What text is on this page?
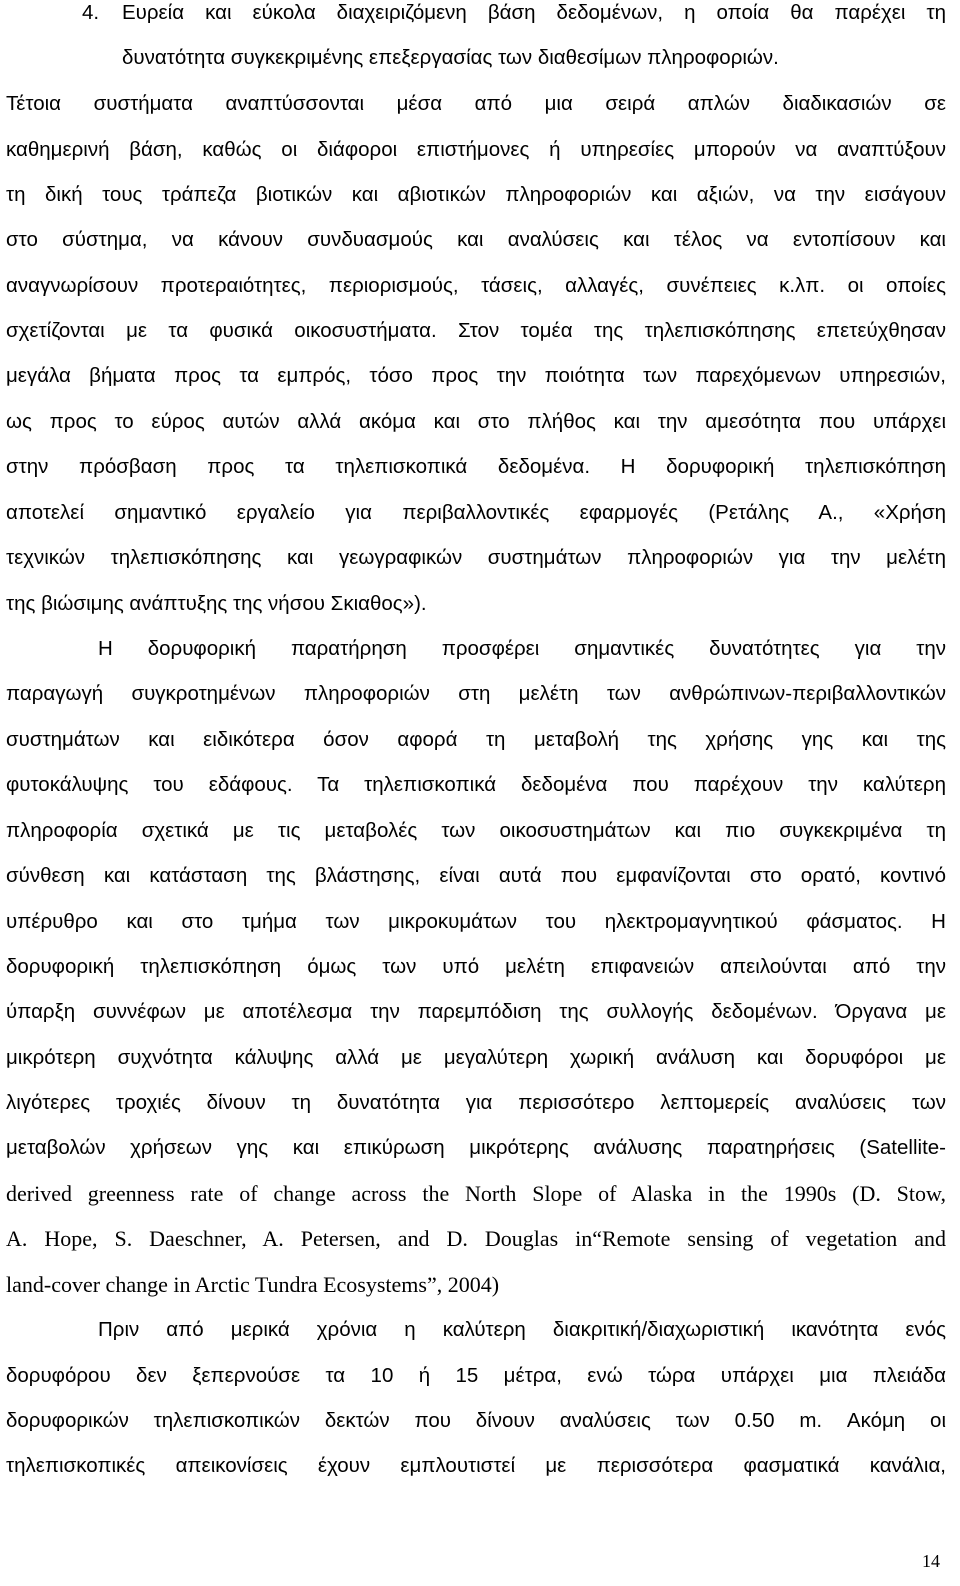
4. Ευρεία και εύκολα διαχειριζόμενη βάση δεδομένων, η οποία θα παρέχει τη
δυνατότητα συγκεκριμένης επεξεργασίας των διαθεσίμων πληροφοριών.
Τέτοια συστήματα αναπτύσσονται μέσα από μια σειρά απλών διαδικασιών σε
καθημερινή βάση, καθώς οι διάφοροι επιστήμονες ή υπηρεσίες μπορούν να αναπτύξουν
τη δική τους τράπεζα βιοτικών και αβιοτικών πληροφοριών και αξιών, να την εισάγουν
στο σύστημα, να κάνουν συνδυασμούς και αναλύσεις και τέλος να εντοπίσουν και
αναγνωρίσουν προτεραιότητες, περιορισμούς, τάσεις, αλλαγές, συνέπειες κ.λπ. οι οποίες
σχετίζονται με τα φυσικά οικοσυστήματα. Στον τομέα της τηλεπισκόπησης επετεύχθησαν
μεγάλα βήματα προς τα εμπρός, τόσο προς την ποιότητα των παρεχόμενων υπηρεσιών,
ως προς το εύρος αυτών αλλά ακόμα και στο πλήθος και την αμεσότητα που υπάρχει
στην πρόσβαση προς τα τηλεπισκοπικά δεδομένα. Η δορυφορική τηλεπισκόπηση
αποτελεί σημαντικό εργαλείο για περιβαλλοντικές εφαρμογές (Ρετάλης Α., «Χρήση
τεχνικών τηλεπισκόπησης και γεωγραφικών συστημάτων πληροφοριών για την μελέτη
της βιώσιμης ανάπτυξης της νήσου Σκιαθος»).
Η δορυφορική παρατήρηση προσφέρει σημαντικές δυνατότητες για την
παραγωγή συγκροτημένων πληροφοριών στη μελέτη των ανθρώπινων-περιβαλλοντικών
συστημάτων και ειδικότερα όσον αφορά τη μεταβολή της χρήσης γης και της
φυτοκάλυψης του εδάφους. Τα τηλεπισκοπικά δεδομένα που παρέχουν την καλύτερη
πληροφορία σχετικά με τις μεταβολές των οικοσυστημάτων και πιο συγκεκριμένα τη
σύνθεση και κατάσταση της βλάστησης, είναι αυτά που εμφανίζονται στο ορατό, κοντινό
υπέρυθρο και στο τμήμα των μικροκυμάτων του ηλεκτρομαγνητικού φάσματος. Η
δορυφορική τηλεπισκόπηση όμως των υπό μελέτη επιφανειών απειλούνται από την
ύπαρξη συννέφων με αποτέλεσμα την παρεμπόδιση της συλλογής δεδομένων. Όργανα με
μικρότερη συχνότητα κάλυψης αλλά με μεγαλύτερη χωρική ανάλυση και δορυφόροι με
λιγότερες τροχιές δίνουν τη δυνατότητα για περισσότερο λεπτομερείς αναλύσεις των
μεταβολών χρήσεων γης και επικύρωση μικρότερης ανάλυσης παρατηρήσεις (Satellite-
derived greenness rate of change across the North Slope of Alaska in the 1990s (D. Stow,
A. Hope, S. Daeschner, A. Petersen, and D. Douglas in“Remote sensing of vegetation and
land-cover change in Arctic Tundra Ecosystems”, 2004)
Πριν από μερικά χρόνια η καλύτερη διακριτική/διαχωριστική ικανότητα ενός
δορυφόρου δεν ξεπερνούσε τα 10 ή 15 μέτρα, ενώ τώρα υπάρχει μια πλειάδα
δορυφορικών τηλεπισκοπικών δεκτών που δίνουν αναλύσεις των 0.50 m. Ακόμη οι
τηλεπισκοπικές απεικονίσεις έχουν εμπλουτιστεί με περισσότερα φασματικά κανάλια,
14
